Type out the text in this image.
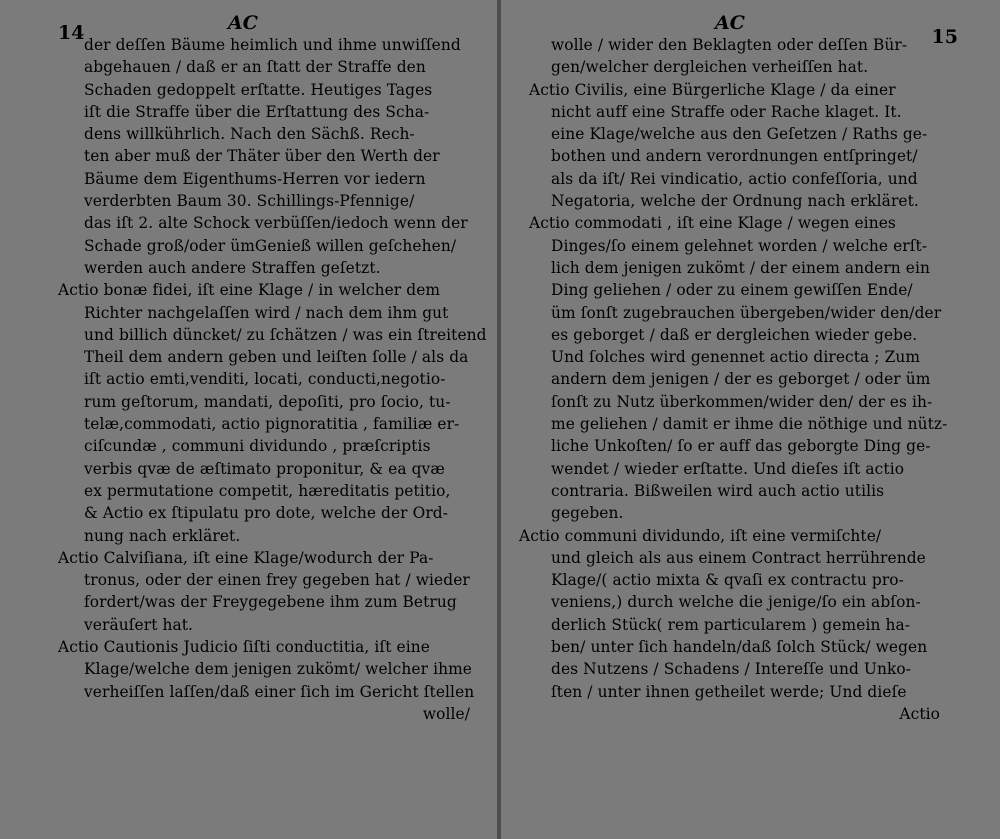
14	AC
der deſſen Bäume heimlich und ihme unwiſſend
abgehauen / daß er an ſtatt der Straffe den
Schaden gedoppelt erſtatte. Heutiges Tages
iſt die Straffe über die Erſtattung des Scha-
dens willkührlich. Nach den Sächß. Rech-
ten aber muß der Thäter über den Werth der
Bäume dem Eigenthums-Herren vor iedern
verderbten Baum 30. Schillings-Pfennige/
das iſt 2. alte Schock verbüſſen/iedoch wenn der
Schade groß/oder ümGenieß willen geſchehen/
werden auch andere Straffen geſetzt.
Actio bonæ fidei, iſt eine Klage / in welcher dem
Richter nachgelaſſen wird / nach dem ihm gut
und billich düncket/ zu ſchätzen / was ein ſtreitend
Theil dem andern geben und leiſten ſolle / als da
iſt actio emti,venditi, locati, conducti,negotio-
rum geſtorum, mandati, depoſiti, pro ſocio, tu-
telæ,commodati, actio pignoratitia , familiæ er-
ciſcundæ , communi dividundo , præſcriptis
verbis qvæ de æſtimato proponitur, & ea qvæ
ex permutatione competit, hæreditatis petitio,
& Actio ex ſtipulatu pro dote, welche der Ord-
nung nach erkläret.
Actio Calviſiana, iſt eine Klage/wodurch der Pa-
tronus, oder der einen frey gegeben hat / wieder
fordert/was der Freygegebene ihm zum Betrug
veräuſert hat.
Actio Cautionis Judicio ſiſti conductitia, iſt eine
Klage/welche dem jenigen zukömt/ welcher ihme
verheiſſen laſſen/daß einer ſich im Gericht ſtellen
wolle/
AC
15
wolle / wider den Beklagten oder deſſen Bür-
gen/welcher dergleichen verheiſſen hat.
Actio Civilis, eine Bürgerliche Klage / da einer
nicht auff eine Straffe oder Rache klaget. It.
eine Klage/welche aus den Geſetzen / Raths ge-
bothen und andern verordnungen entſpringet/
als da iſt/ Rei vindicatio, actio confeſſoria, und
Negatoria, welche der Ordnung nach erkläret.
Actio commodati , iſt eine Klage / wegen eines
Dinges/ſo einem gelehnet worden / welche erſt-
lich dem jenigen zukömt / der einem andern ein
Ding geliehen / oder zu einem gewiſſen Ende/
üm ſonſt zugebrauchen übergeben/wider den/der
es geborget / daß er dergleichen wieder gebe.
Und ſolches wird genennet actio directa ; Zum
andern dem jenigen / der es geborget / oder üm
ſonſt zu Nutz überkommen/wider den/ der es ih-
me geliehen / damit er ihme die nöthige und nütz-
liche Unkoſten/ ſo er auff das geborgte Ding ge-
wendet / wieder erſtatte. Und dieſes iſt actio
contraria. Bißweilen wird auch actio utilis
gegeben.
Actio communi dividundo, iſt eine vermiſchte/
und gleich als aus einem Contract herrührende
Klage/( actio mixta & qvaſi ex contractu pro-
veniens,) durch welche die jenige/ſo ein abſon-
derlich Stück( rem particularem ) gemein ha-
ben/ unter ſich handeln/daß ſolch Stück/ wegen
des Nutzens / Schadens / Intereſſe und Unko-
ſten / unter ihnen getheilet werde; Und dieſe
Actio
